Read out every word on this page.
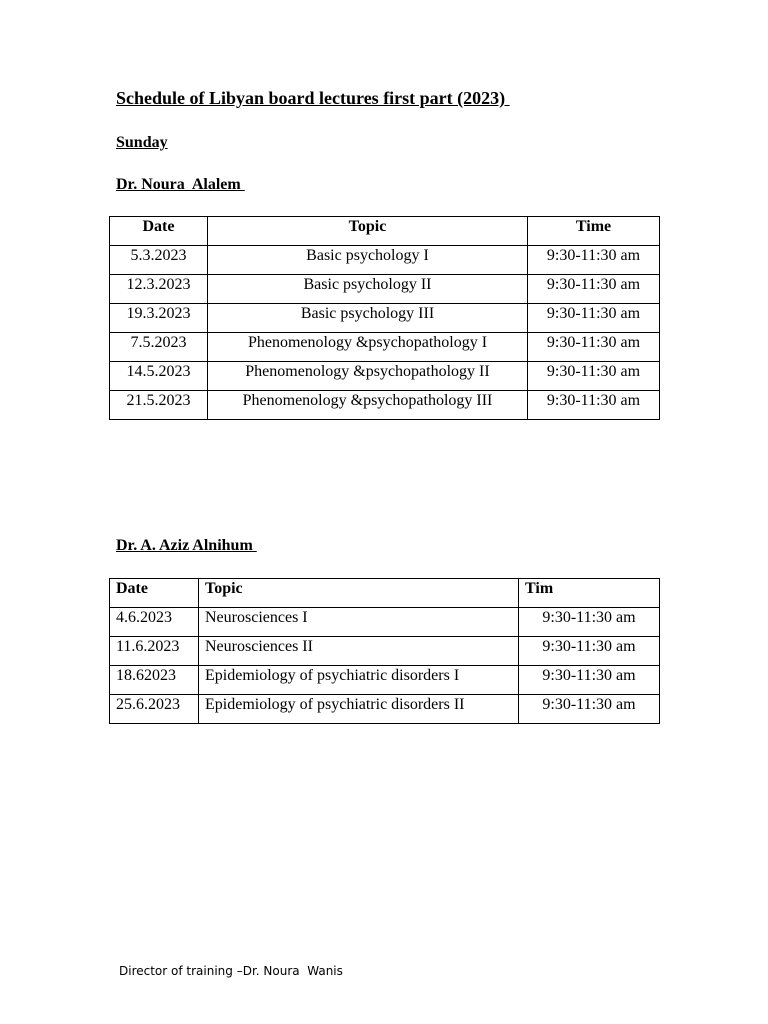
Schedule of Libyan board lectures first part (2023)
Sunday
Dr. Noura  Alalem
Date	Topic	Time
5.3.2023	Basic psychology I	9:30-11:30 am
12.3.2023	Basic psychology II	9:30-11:30 am
19.3.2023	Basic psychology III	9:30-11:30 am
7.5.2023	Phenomenology &psychopathology I	9:30-11:30 am
14.5.2023	Phenomenology &psychopathology II	9:30-11:30 am
21.5.2023	Phenomenology &psychopathology III	9:30-11:30 am
Dr. A. Aziz Alnihum
Date	Topic	Tim
4.6.2023	Neurosciences I	9:30-11:30 am
11.6.2023	Neurosciences II	9:30-11:30 am
18.62023	Epidemiology of psychiatric disorders I	9:30-11:30 am
25.6.2023	Epidemiology of psychiatric disorders II	9:30-11:30 am
Director of training –Dr. Noura  Wanis
